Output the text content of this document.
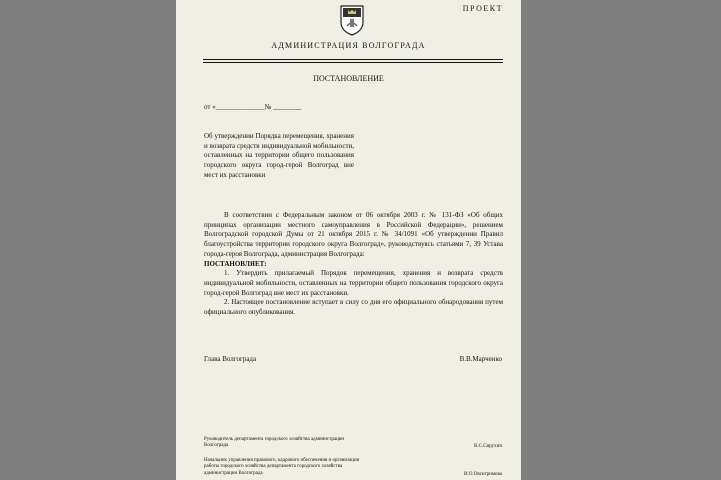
ПРОЕКТ
АДМИНИСТРАЦИЯ ВОЛГОГРАДА
ПОСТАНОВЛЕНИЕ
от «______________№ ________
Об утверждении Порядка перемещения, хранения и возврата средств индивидуальной мобильности, оставленных на территории общего пользования городского округа город-герой Волгоград вне мест их расстановки

В соответствии с Федеральным законом от 06 октября 2003 г. № 131-ФЗ «Об общих принципах организации местного самоуправления в Российской Федерации», решением Волгоградской городской Думы от 21 октября 2015 г. № 34/1091 «Об утверждении Правил благоустройства территории городского округа Волгоград», руководствуясь статьями 7, 39 Устава города-героя Волгограда, администрация Волгограда:

ПОСТАНОВЛЯЕТ:

1. Утвердить прилагаемый Порядок перемещения, хранения и возврата средств индивидуальной мобильности, оставленных на территории общего пользования городского округа город-герой Волгоград вне мест их расстановки.

2. Настоящее постановление вступает в силу со дня его официального обнародования путем официального опубликования.

Глава Волгограда	В.В.Марченко
Руководитель департамента городского хозяйства администрации Волгограда	В.С.Сирухин
Начальник управления правового, кадрового обеспечения и организации работы городского хозяйства департамента городского хозяйства администрации Волгограда	И.О.Овсигримова
